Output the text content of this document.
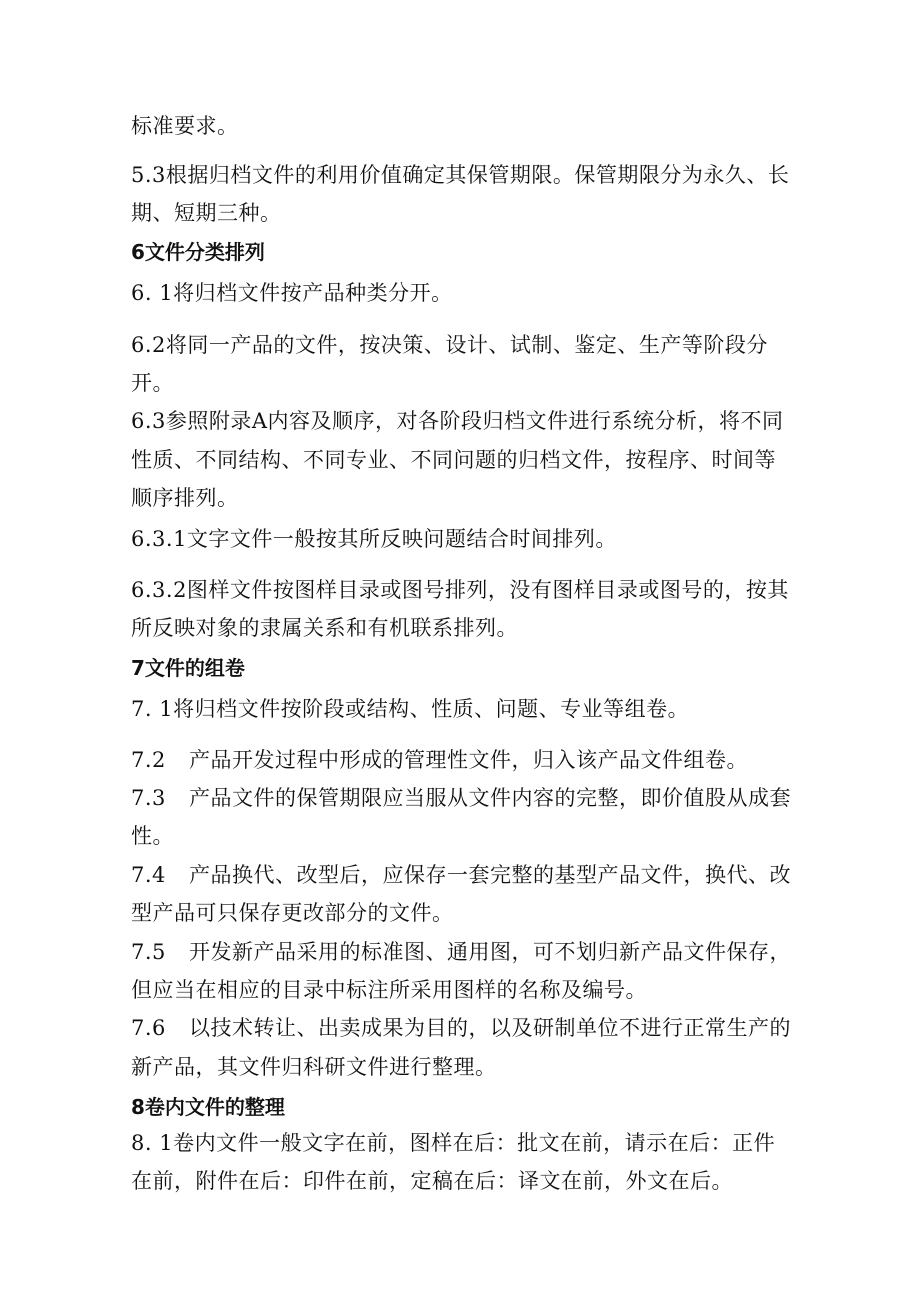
标准要求。
5.3根据归档文件的利用价值确定其保管期限。保管期限分为永久、长
期、短期三种。
6文件分类排列
6. 1将归档文件按产品种类分开。
6.2将同一产品的文件，按决策、设计、试制、鉴定、生产等阶段分
开。
6.3参照附录A内容及顺序，对各阶段归档文件进行系统分析，将不同
性质、不同结构、不同专业、不同问题的归档文件，按程序、时间等
顺序排列。
6.3.1文字文件一般按其所反映问题结合时间排列。
6.3.2图样文件按图样目录或图号排列，没有图样目录或图号的，按其
所反映对象的隶属关系和有机联系排列。
7文件的组卷
7. 1将归档文件按阶段或结构、性质、问题、专业等组卷。
7.2 产品开发过程中形成的管理性文件，归入该产品文件组卷。
7.3 产品文件的保管期限应当服从文件内容的完整，即价值股从成套
性。
7.4 产品换代、改型后，应保存一套完整的基型产品文件，换代、改
型产品可只保存更改部分的文件。
7.5 开发新产品采用的标准图、通用图，可不划归新产品文件保存，
但应当在相应的目录中标注所采用图样的名称及编号。
7.6 以技术转让、出卖成果为目的，以及研制单位不进行正常生产的
新产品，其文件归科研文件进行整理。
8卷内文件的整理
8. 1卷内文件一般文字在前，图样在后：批文在前，请示在后：正件
在前，附件在后：印件在前，定稿在后：译文在前，外文在后。
